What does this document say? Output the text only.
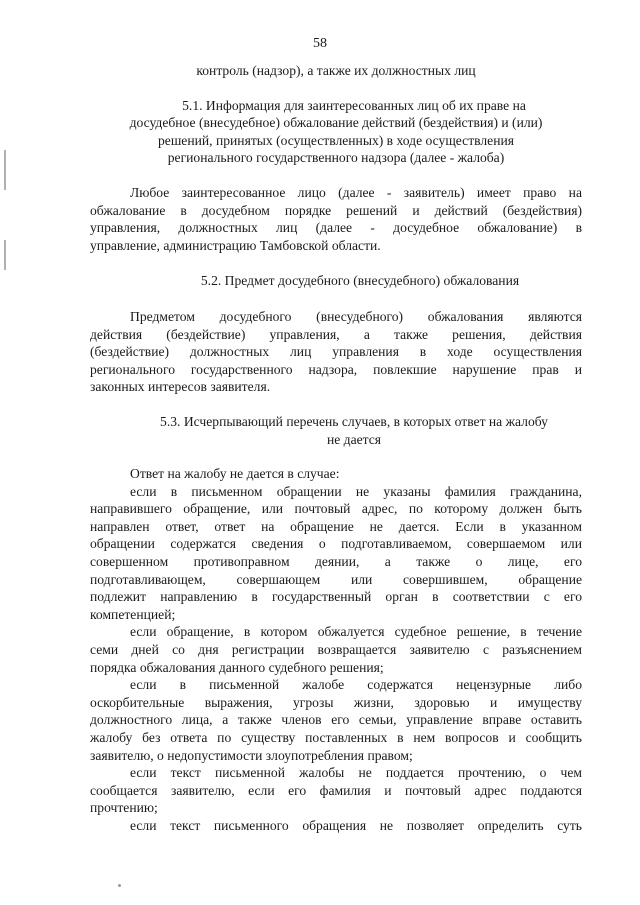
58
контроль (надзор), а также их должностных лиц
5.1. Информация для заинтересованных лиц об их праве на
досудебное (внесудебное) обжалование действий (бездействия) и (или)
решений, принятых (осуществленных) в ходе осуществления
регионального государственного надзора (далее - жалоба)
Любое заинтересованное лицо (далее - заявитель) имеет право на
обжалование в досудебном порядке решений и действий (бездействия)
управления, должностных лиц (далее - досудебное обжалование) в
управление, администрацию Тамбовской области.
5.2. Предмет досудебного (внесудебного) обжалования
Предметом досудебного (внесудебного) обжалования являются
действия (бездействие) управления, а также решения, действия
(бездействие) должностных лиц управления в ходе осуществления
регионального государственного надзора, повлекшие нарушение прав и
законных интересов заявителя.
5.3. Исчерпывающий перечень случаев, в которых ответ на жалобу
не дается
Ответ на жалобу не дается в случае:
если в письменном обращении не указаны фамилия гражданина,
направившего обращение, или почтовый адрес, по которому должен быть
направлен ответ, ответ на обращение не дается. Если в указанном
обращении содержатся сведения о подготавливаемом, совершаемом или
совершенном противоправном деянии, а также о лице, его
подготавливающем, совершающем или совершившем, обращение
подлежит направлению в государственный орган в соответствии с его
компетенцией;
если обращение, в котором обжалуется судебное решение, в течение
семи дней со дня регистрации возвращается заявителю с разъяснением
порядка обжалования данного судебного решения;
если в письменной жалобе содержатся нецензурные либо
оскорбительные выражения, угрозы жизни, здоровью и имуществу
должностного лица, а также членов его семьи, управление вправе оставить
жалобу без ответа по существу поставленных в нем вопросов и сообщить
заявителю, о недопустимости злоупотребления правом;
если текст письменной жалобы не поддается прочтению, о чем
сообщается заявителю, если его фамилия и почтовый адрес поддаются
прочтению;
если текст письменного обращения не позволяет определить суть
